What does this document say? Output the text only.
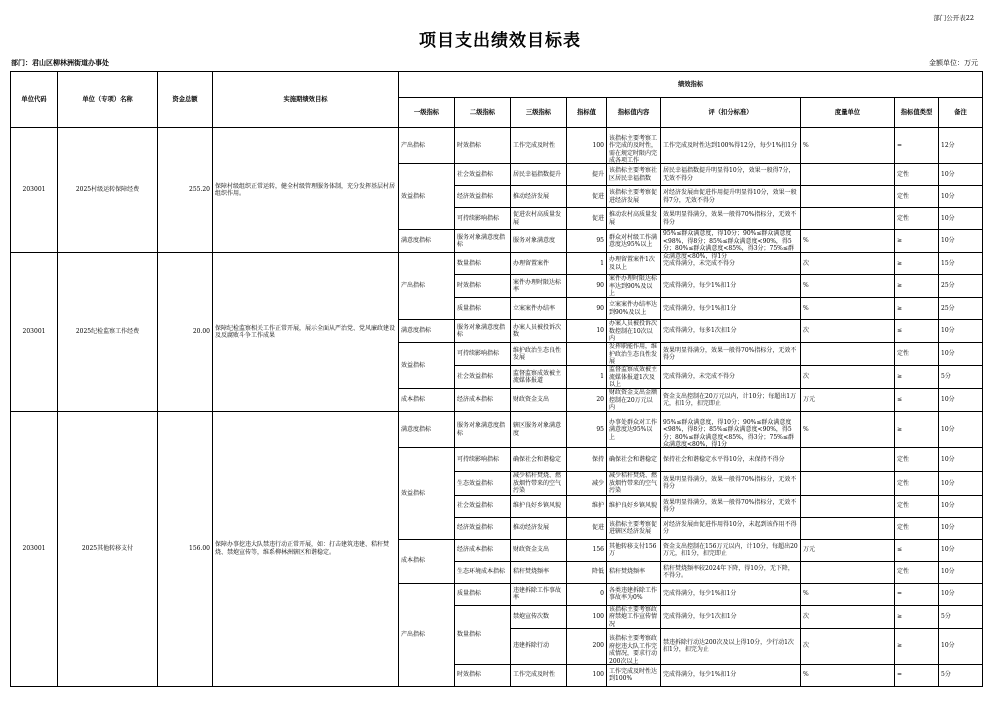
部门公开表22
项目支出绩效目标表
部门：君山区柳林洲街道办事处	金额单位：万元
单位代码	单位（专项）名称	资金总额	实施期绩效目标	绩效指标								
				一级指标	二级指标	三级指标	指标值	指标值内容	评（扣分标准）	度量单位	指标值类型	备注
203001	2025村级运转保障经费	255.20	保障村级组织正常运转，健全村级管理服务体制，充分发挥基层村居组织作用。	产出指标	时效指标	工作完成及时性	100	该指标主要考察工作完成的及时性，需在规定时限内完成各项工作	工作完成及时性达到100%得12分，每少1%扣1分	%	=	12分
				效益指标	社会效益指标	居民幸福指数提升	提升	该指标主要考察社区居民幸福指数	居民幸福指数提升明显得10分，效果一般得7分，无效不得分		定性	10分
					经济效益指标	推动经济发展	促进	该指标主要考察促进经济发展	对经济发展由促进作用提升明显得10分，效果一般得7分，无效不得分		定性	10分
					可持续影响指标	促进农村高质量发展	促进	推动农村高质量发展	效果明显得满分，效果一般得70%指标分，无效不得分		定性	10分
				满意度指标	服务对象满意度指标	服务对象满意度	95	群众对村级工作满意度达95%以上	95%≤群众满意度，得10分；90%≤群众满意度<98%，得8分；85%≤群众满意度<90%，得5分；80%≤群众满意度<85%，得3分；75%≤群众满意度<80%，得1分	%	≥	10分
203001	2025纪检监察工作经费	20.00	保障纪检监察相关工作正常开展，展示全面从严治党、党风廉政建设及反腐败斗争工作成果	产出指标	数量指标	办理留置案件	1	办理留置案件1次及以上	完成得满分，未完成不得分	次	≥	15分
					时效指标	案件办理时限达标率	90	案件办理时限达标率达到90%及以上	完成得满分，每少1%扣1分	%	≥	25分
					质量指标	立案案件办结率	90	立案案件办结率达到90%及以上	完成得满分，每少1%扣1分	%	≥	25分
				满意度指标	服务对象满意度指标	办案人员被投诉次数	10	办案人员被投诉次数控制在10次以内	完成得满分，每多1次扣1分	次	≤	10分
				效益指标	可持续影响指标	维护政治生态良性发展		发挥职能作用，维护政治生态良性发展	效果明显得满分，效果一般得70%指标分，无效不得分		定性	10分
					社会效益指标	监督监察成效被主流媒体报道	1	监督监察成效被主流媒体报道1次及以上	完成得满分，未完成不得分	次	≥	5分
				成本指标	经济成本指标	财政资金支出	20	财政资金支出金额控制在20万元以内	资金支出控制在20万元以内，计10分；每超出1万元，扣1分，扣完即止	万元	≤	10分
203001	2025其他转移支付	156.00	保障办事挖违大队禁违行动正常开展，如：打击建筑违建、秸秆焚烧、禁炮宣传等，维系柳林洲辖区和谐稳定。	满意度指标	服务对象满意度指标	辖区服务对象满意度	95	办事处群众对工作满意度达95%以上	95%≤群众满意度，得10分；90%≤群众满意度<98%，得8分；85%≤群众满意度<90%，得5分；80%≤群众满意度<85%，得3分；75%≤群众满意度<80%，得1分	%	≥	10分
				效益指标	可持续影响指标	确保社会和谐稳定	保持	确保社会和谐稳定	保持社会和谐稳定水平得10分，未保持不得分		定性	10分
					生态效益指标	减少秸秆焚烧、燃放烟竹带来的空气污染	减少	减少秸秆焚烧、燃放烟竹带来的空气污染	效果明显得满分，效果一般得70%指标分，无效不得分		定性	10分
					社会效益指标	维护良好乡镇风貌	维护	维护良好乡镇风貌	效果明显得满分，效果一般得70%指标分，无效不得分		定性	10分
					经济效益指标	推动经济发展	促进	该指标主要考察促进辖区经济发展	对经济发展由促进作用得10分，未起到该作用不得分		定性	10分
				成本指标	经济成本指标	财政资金支出	156	其他转移支付156万	资金支出控制在156万元以内，计10分，每超出20万元，扣1分，扣完即止	万元	≤	10分
					生态环境成本指标	秸秆焚烧频率	降低	秸秆焚烧频率	秸秆焚烧频率较2024年下降，得10分，无下降，不得分。		定性	10分
				产出指标	质量指标	违建拆除工作事故率	0	各类违建拆除工作事故率为0%	完成得满分，每少1%扣1分	%	=	10分
					数量指标	禁炮宣传次数	100	该指标主要考察政府禁炮工作宣传情况	完成得满分，每少1次扣1分	次	≥	5分
						违建拆除行动	200	该指标主要考察政府挖违大队工作完成情况，要求行动200次以上	禁违拆除行动达200次及以上得10分，少行动1次扣1分，扣完为止	次	≥	10分
					时效指标	工作完成及时性	100	工作完成及时性达到100%	完成得满分，每少1%扣1分	%	=	5分
